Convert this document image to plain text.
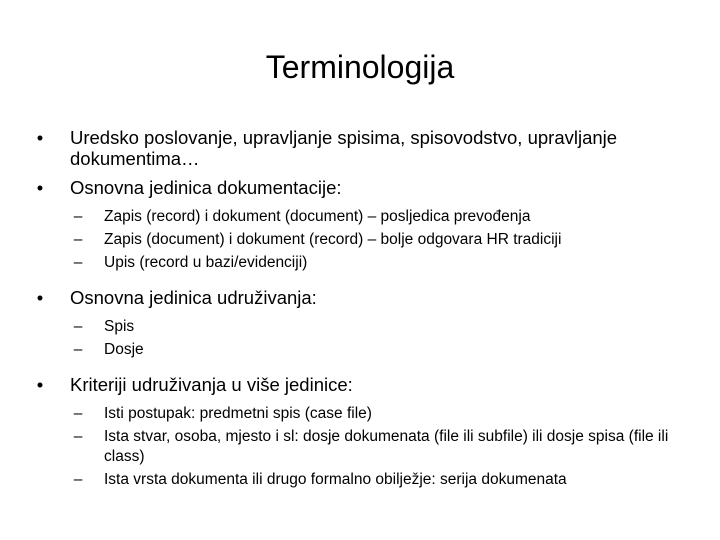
Terminologija
•	Uredsko poslovanje, upravljanje spisima, spisovodstvo, upravljanje dokumentima…
•	Osnovna jedinica dokumentacije:
–	Zapis (record) i dokument (document) – posljedica prevođenja
–	Zapis (document) i dokument (record) – bolje odgovara HR tradiciji
–	Upis (record u bazi/evidenciji)
•	Osnovna jedinica udruživanja:
–	Spis
–	Dosje
•	Kriteriji udruživanja u više jedinice:
–	Isti postupak: predmetni spis (case file)
–	Ista stvar, osoba, mjesto i sl: dosje dokumenata (file ili subfile) ili dosje spisa (file ili class)
–	Ista vrsta dokumenta ili drugo formalno obilježje: serija dokumenata
